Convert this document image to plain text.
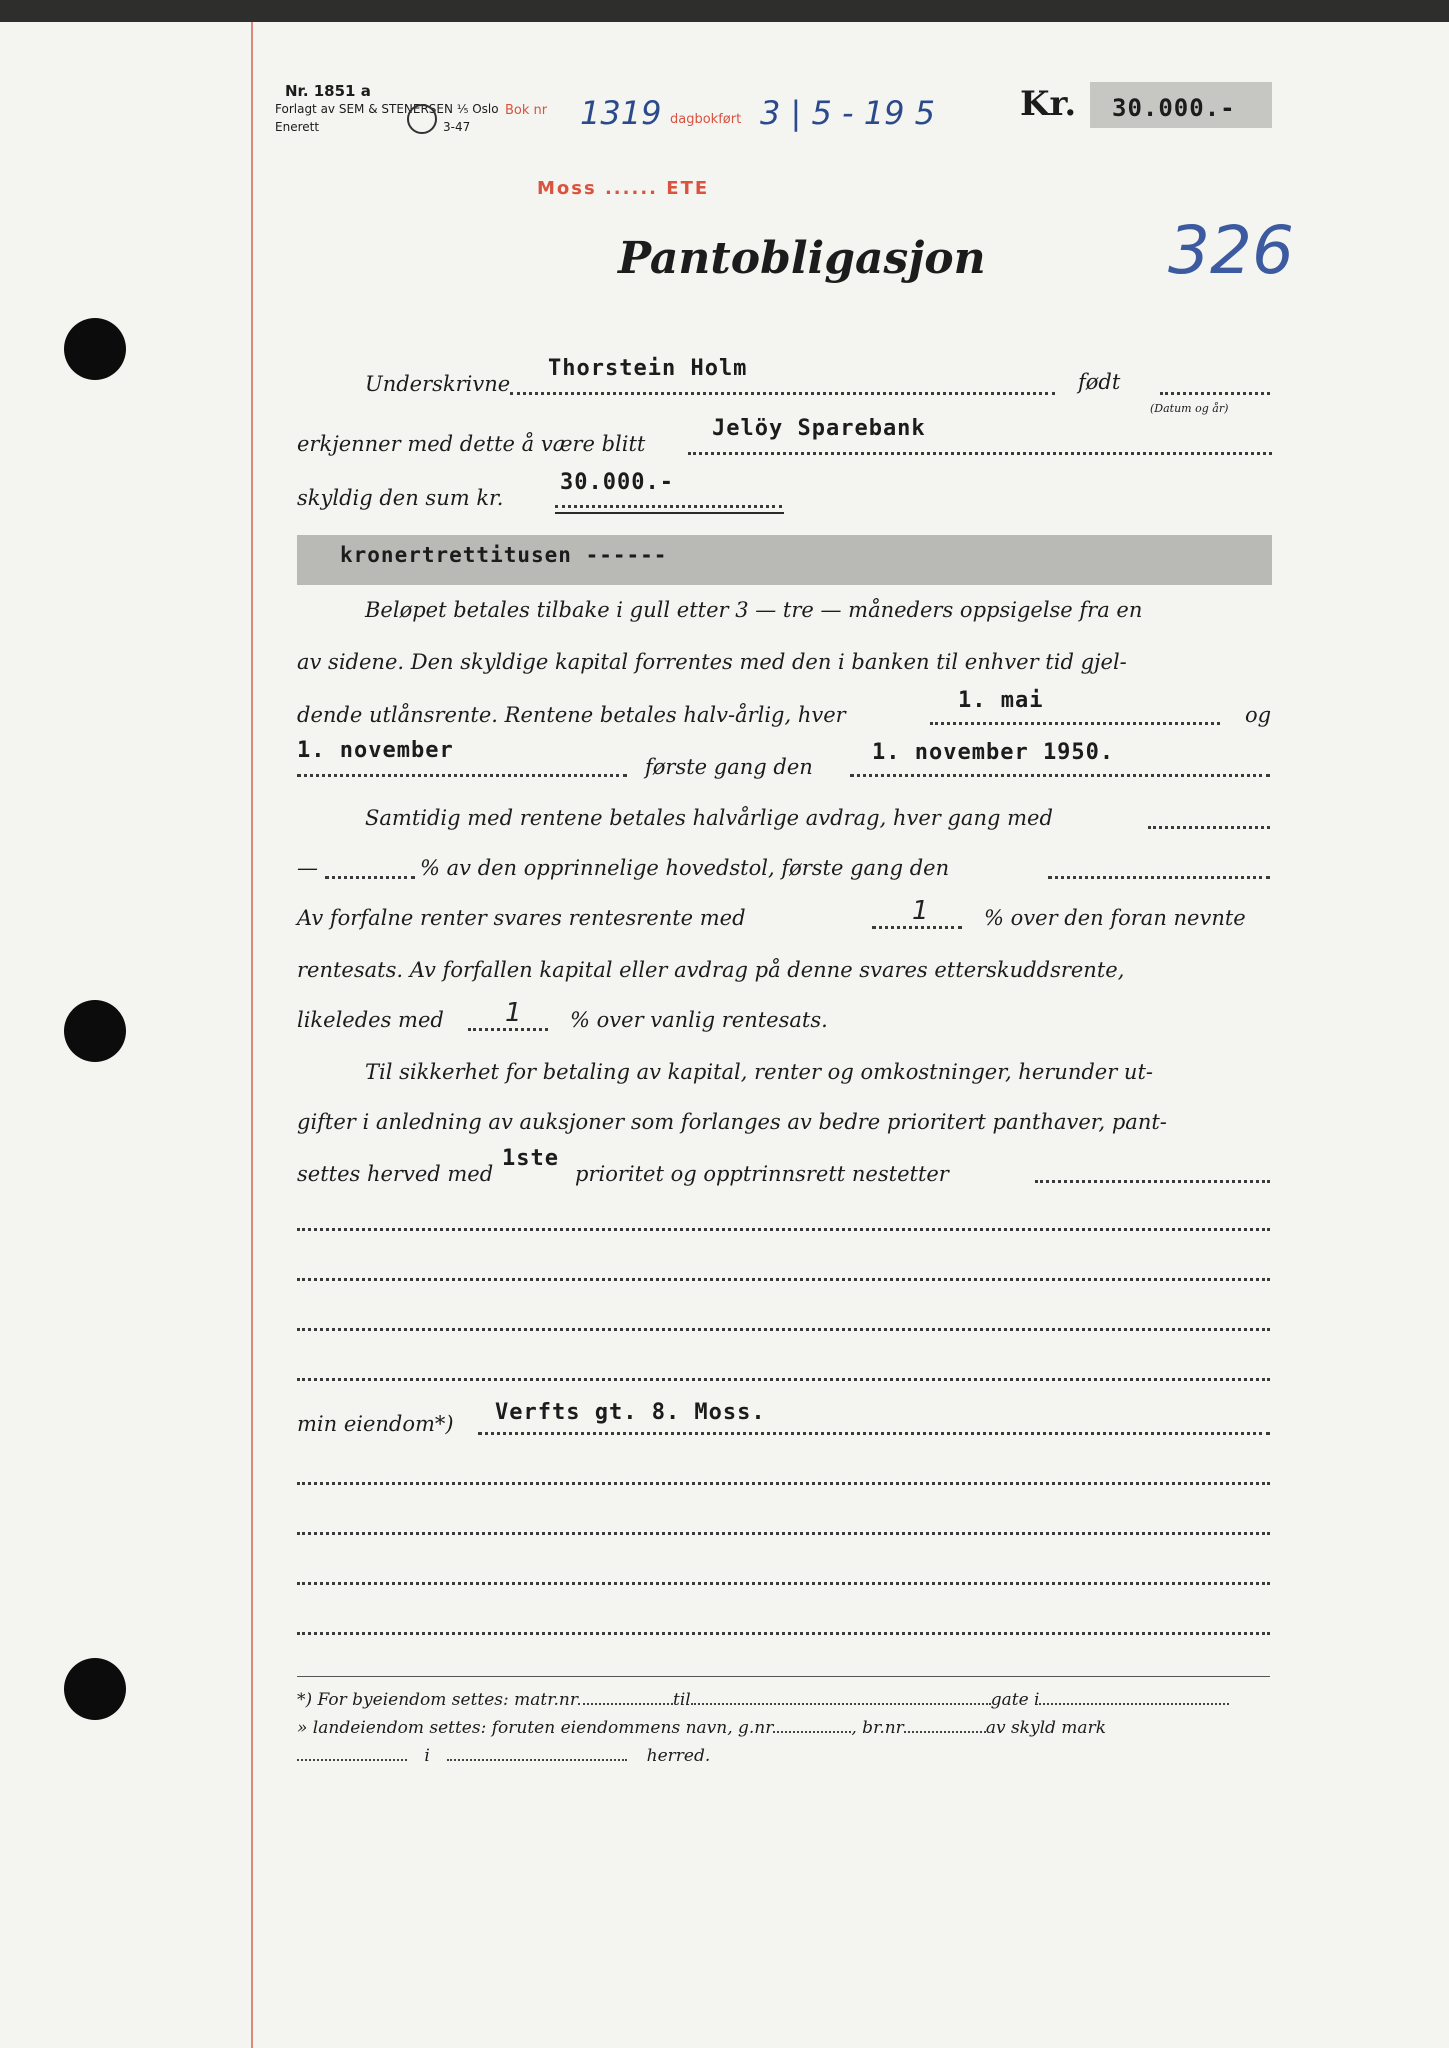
Nr. 1851 a
Forlagt av SEM & STENERSEN ¹⁄₅ Oslo
Enerett	3-47
Bok nr 1319 dagbokført 3 | 5 - 19 5
Moss ...... ETE
Kr. 30.000.-
Pantobligasjon	326
Underskrivne
Thorstein Holm
født
(Datum og år)
erkjenner med dette å være blitt
Jelöy Sparebank
skyldig den sum kr.
30.000.-
kronertrettitusen ------
Beløpet betales tilbake i gull etter 3 — tre — måneders oppsigelse fra en
av sidene. Den skyldige kapital forrentes med den i banken til enhver tid gjel-
dende utlånsrente. Rentene betales halv-årlig, hver
1. mai
og
1. november
første gang den
1. november 1950.
Samtidig med rentene betales halvårlige avdrag, hver gang med
—	% av den opprinnelige hovedstol, første gang den
Av forfalne renter svares rentesrente med	1	% over den foran nevnte
rentesats. Av forfallen kapital eller avdrag på denne svares etterskuddsrente,
likeledes med 1 % over vanlig rentesats.
Til sikkerhet for betaling av kapital, renter og omkostninger, herunder ut-
gifter i anledning av auksjoner som forlanges av bedre prioritert panthaver, pant-
settes herved med
1ste
prioritet og opptrinnsrett nestetter
min eiendom*) Verfts gt. 8. Moss.
*) For byeiendom settes: matr.nr	til	gate i
» landeiendom settes: foruten eiendommens navn, g.nr	, br.nr	av skyld mark
i	herred.
